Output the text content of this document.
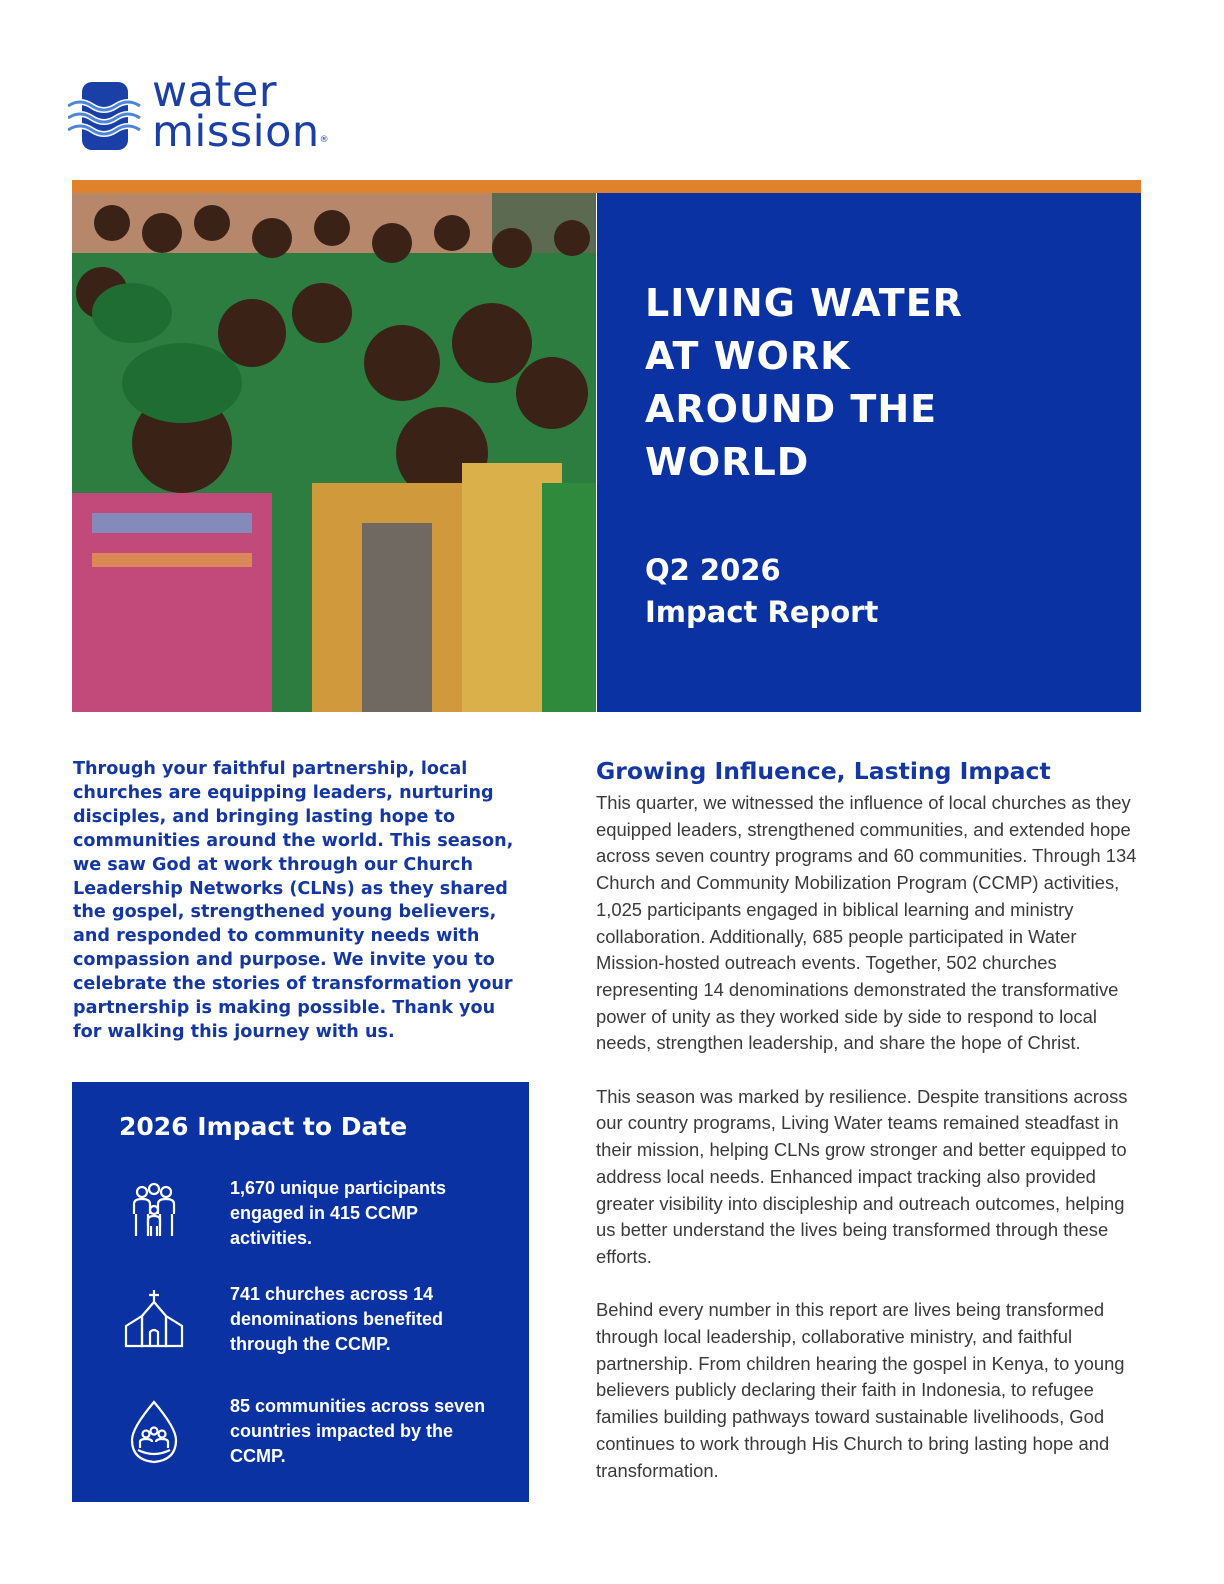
water
mission®
LIVING WATER
AT WORK
AROUND THE
WORLD

Q2 2026
Impact Report

Through your faithful partnership, local churches are equipping leaders, nurturing disciples, and bringing lasting hope to communities around the world. This season, we saw God at work through our Church Leadership Networks (CLNs) as they shared the gospel, strengthened young believers, and responded to community needs with compassion and purpose. We invite you to celebrate the stories of transformation your partnership is making possible. Thank you for walking this journey with us.

2026 Impact to Date

1,670 unique participants engaged in 415 CCMP activities.

741 churches across 14 denominations benefited through the CCMP.

85 communities across seven countries impacted by the CCMP.

Growing Influence, Lasting Impact

This quarter, we witnessed the influence of local churches as they equipped leaders, strengthened communities, and extended hope across seven country programs and 60 communities. Through 134 Church and Community Mobilization Program (CCMP) activities, 1,025 participants engaged in biblical learning and ministry collaboration. Additionally, 685 people participated in Water Mission-hosted outreach events. Together, 502 churches representing 14 denominations demonstrated the transformative power of unity as they worked side by side to respond to local needs, strengthen leadership, and share the hope of Christ.

This season was marked by resilience. Despite transitions across our country programs, Living Water teams remained steadfast in their mission, helping CLNs grow stronger and better equipped to address local needs. Enhanced impact tracking also provided greater visibility into discipleship and outreach outcomes, helping us better understand the lives being transformed through these efforts.

Behind every number in this report are lives being transformed through local leadership, collaborative ministry, and faithful partnership. From children hearing the gospel in Kenya, to young believers publicly declaring their faith in Indonesia, to refugee families building pathways toward sustainable livelihoods, God continues to work through His Church to bring lasting hope and transformation.
